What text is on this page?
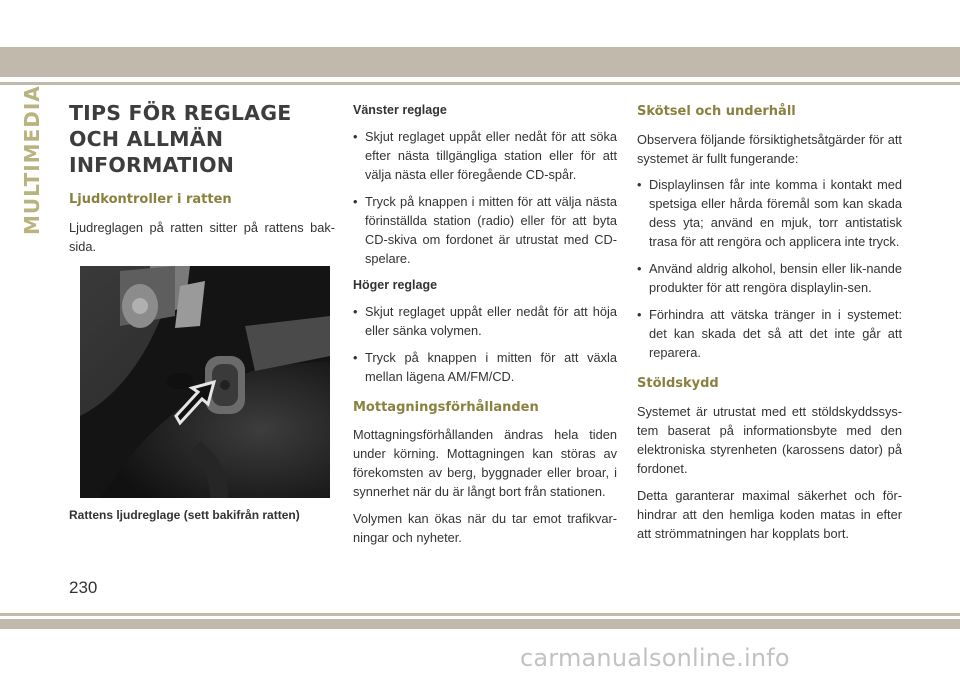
MULTIMEDIA TIPS FÖR REGLAGE OCH ALLMÄN INFORMATION
Ljudkontroller i ratten

Ljudreglagen på ratten sitter på rattens bak-sida.

Rattens ljudreglage (sett bakifrån ratten)

Vänster reglage

• Skjut reglaget uppåt eller nedåt för att söka efter nästa tillgängliga station eller för att välja nästa eller föregående CD-spår.
• Tryck på knappen i mitten för att välja nästa förinställda station (radio) eller för att byta CD-skiva om fordonet är utrustat med CD-spelare.

Höger reglage

• Skjut reglaget uppåt eller nedåt för att höja eller sänka volymen.
• Tryck på knappen i mitten för att växla mellan lägena AM/FM/CD.
Mottagningsförhållanden

Mottagningsförhållanden ändras hela tiden under körning. Mottagningen kan störas av förekomsten av berg, byggnader eller broar, i synnerhet när du är långt bort från stationen.

Volymen kan ökas när du tar emot trafikvar-ningar och nyheter.

Skötsel och underhåll

Observera följande försiktighetsåtgärder för att systemet är fullt fungerande:

• Displaylinsen får inte komma i kontakt med spetsiga eller hårda föremål som kan skada dess yta; använd en mjuk, torr antistatisk trasa för att rengöra och applicera inte tryck.
• Använd aldrig alkohol, bensin eller lik-nande produkter för att rengöra displaylin-sen.
• Förhindra att vätska tränger in i systemet: det kan skada det så att det inte går att reparera.
Stöldskydd

Systemet är utrustat med ett stöldskyddssys-tem baserat på informationsbyte med den elektroniska styrenheten (karossens dator) på fordonet.

Detta garanterar maximal säkerhet och för-hindrar att den hemliga koden matas in efter att strömmatningen har kopplats bort.

230
carmanualsonline.info
